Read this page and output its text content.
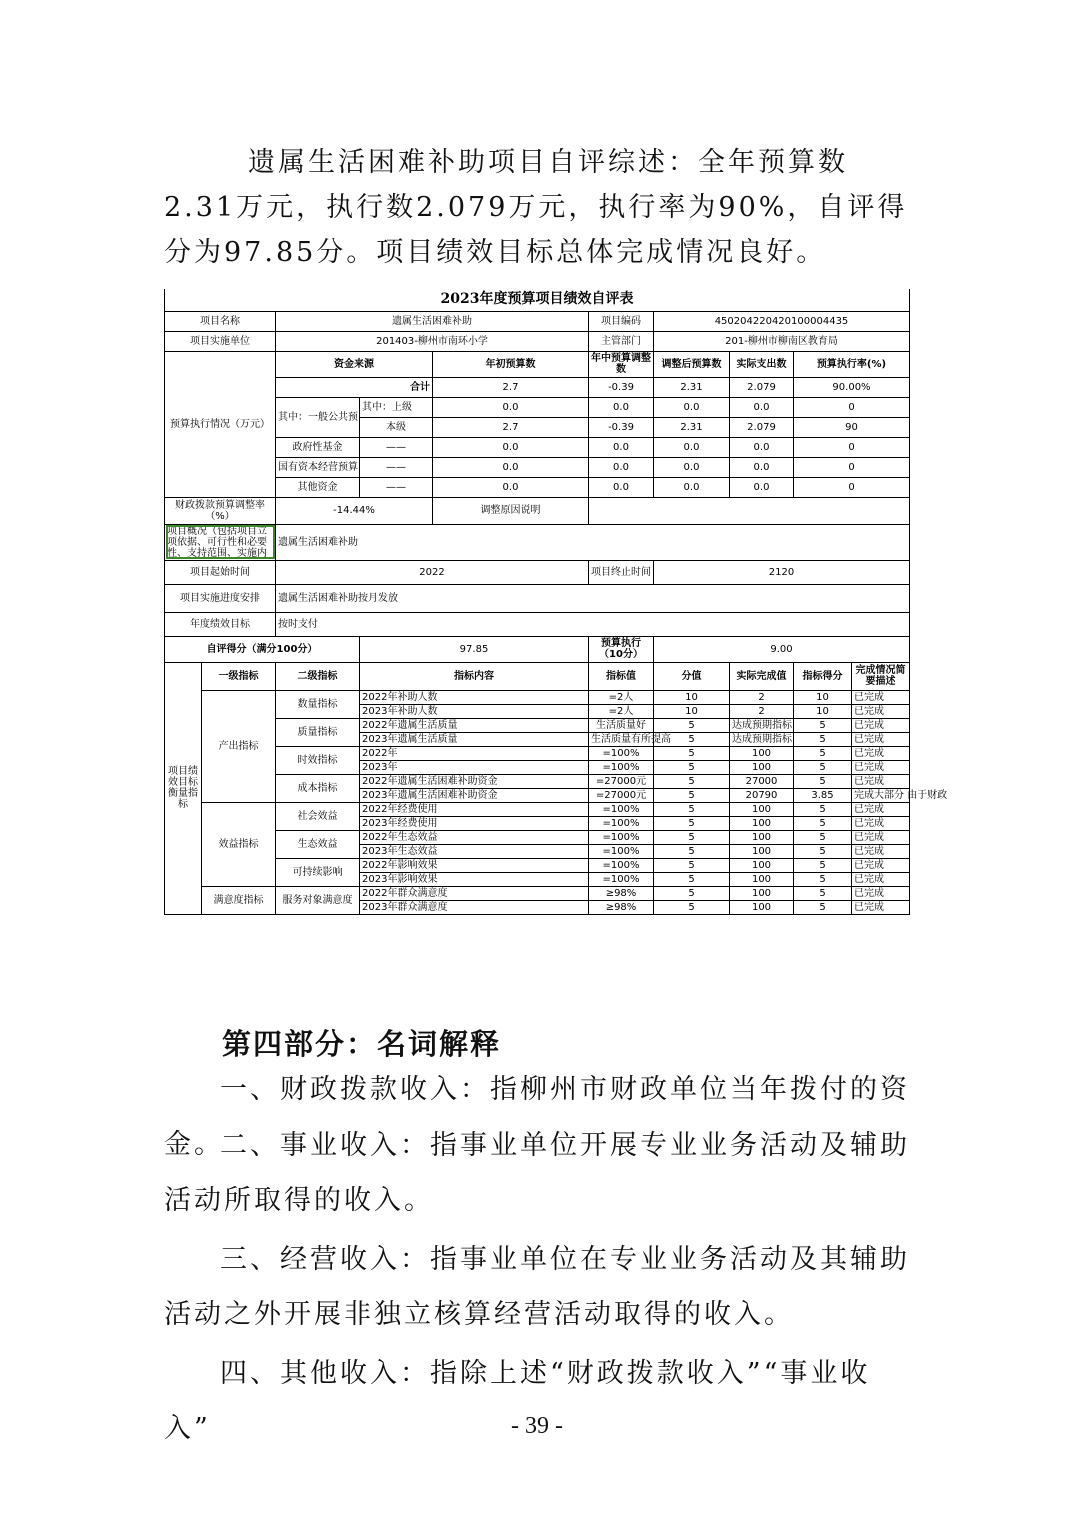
遗属生活困难补助项目自评综述：全年预算数2.31万元，执行数2.079万元，执行率为90%，自评得分为97.85分。项目绩效目标总体完成情况良好。
2023年度预算项目绩效自评表									
项目名称		遗属生活困难补助			项目编码	450204220420100004435			
项目实施单位		201403-柳州市南环小学			主管部门	201-柳州市柳南区教育局			
预算执行情况（万元）		资金来源		年初预算数	年中预算调整数	调整后预算数	实际支出数	预算执行率(%)	
		合计		2.7	-0.39	2.31	2.079	90.00%	
		其中：一般公共预	其中：上级	0.0	0.0	0.0	0.0	0	
			本级	2.7	-0.39	2.31	2.079	90	
		政府性基金	——	0.0	0.0	0.0	0.0	0	
		国有资本经营预算	——	0.0	0.0	0.0	0.0	0	
		其他资金	——	0.0	0.0	0.0	0.0	0	
财政拨款预算调整率（%）		-14.44%		调整原因说明					
项目概况（包括项目立项依据、可行性和必要性、支持范围、实施内		遗属生活困难补助							
项目起始时间		2022			项目终止时间	2120			
项目实施进度安排		遗属生活困难补助按月发放							
年度绩效目标		按时支付							
自评得分（满分100分）			97.85		预算执行（10分）	9.00			
项目绩效目标衡量指标	一级指标	二级指标	指标内容		指标值	分值	实际完成值	指标得分	完成情况简要描述
	产出指标	数量指标	2022年补助人数		=2人	10	2	10	已完成
			2023年补助人数		=2人	10	2	10	已完成
		质量指标	2022年遗属生活质量		生活质量好	5	达成预期指标	5	已完成
			2023年遗属生活质量		生活质量有所提高	5	达成预期指标	5	已完成
		时效指标	2022年		=100%	5	100	5	已完成
			2023年		=100%	5	100	5	已完成
		成本指标	2022年遗属生活困难补助资金		=27000元	5	27000	5	已完成
			2023年遗属生活困难补助资金		=27000元	5	20790	3.85	完成大部分 由于财政
	效益指标	社会效益	2022年经费使用		=100%	5	100	5	已完成
			2023年经费使用		=100%	5	100	5	已完成
		生态效益	2022年生态效益		=100%	5	100	5	已完成
			2023年生态效益		=100%	5	100	5	已完成
		可持续影响	2022年影响效果		=100%	5	100	5	已完成
			2023年影响效果		=100%	5	100	5	已完成
	满意度指标	服务对象满意度	2022年群众满意度		≥98%	5	100	5	已完成
			2023年群众满意度		≥98%	5	100	5	已完成
第四部分：名词解释
一、财政拨款收入：指柳州市财政单位当年拨付的资金。
二、事业收入：指事业单位开展专业业务活动及辅助活动所取得的收入。
三、经营收入：指事业单位在专业业务活动及其辅助活动之外开展非独立核算经营活动取得的收入。
四、其他收入：指除上述“财政拨款收入”“事业收入”	- 39 -
